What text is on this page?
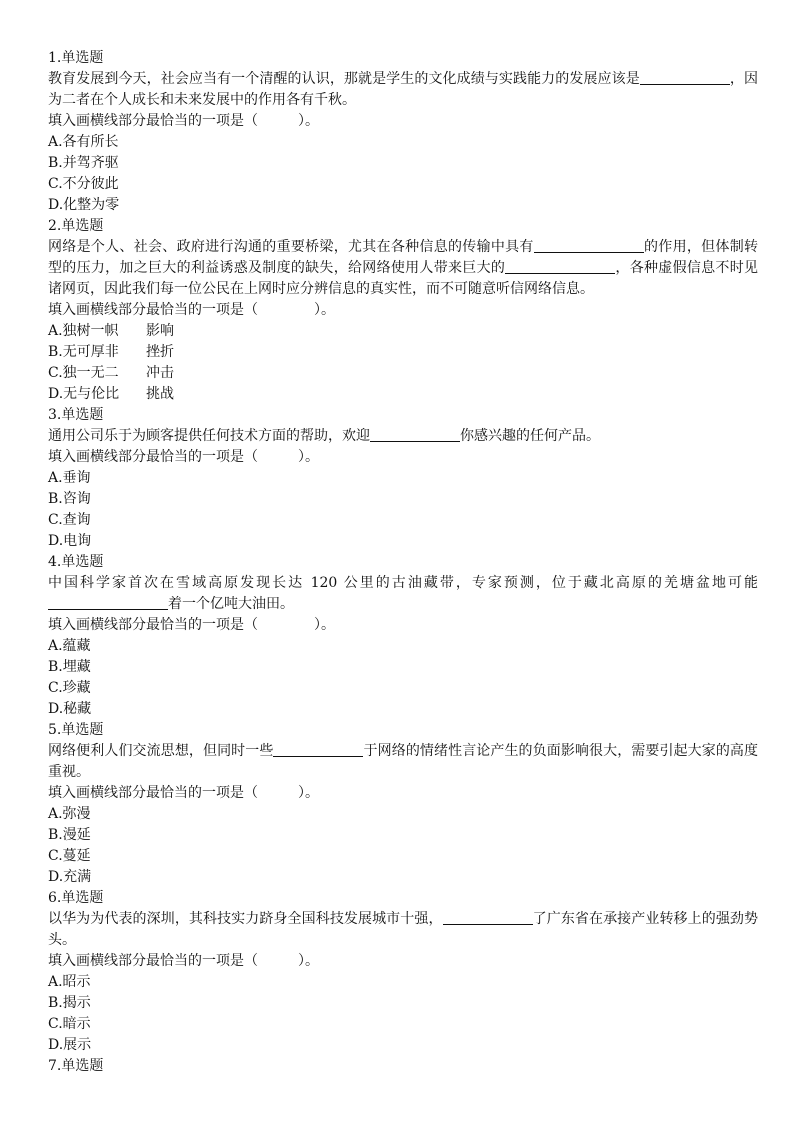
1.单选题
教育发展到今天，社会应当有一个清醒的认识，那就是学生的文化成绩与实践能力的发展应该是	，因为二者在个人成长和未来发展中的作用各有千秋。
填入画横线部分最恰当的一项是（	）。
A.各有所长
B.并驾齐驱
C.不分彼此
D.化整为零
2.单选题
网络是个人、社会、政府进行沟通的重要桥梁，尤其在各种信息的传输中具有	的作用，但体制转型的压力，加之巨大的利益诱惑及制度的缺失，给网络使用人带来巨大的	，各种虚假信息不时见诸网页，因此我们每一位公民在上网时应分辨信息的真实性，而不可随意听信网络信息。
填入画横线部分最恰当的一项是（	）。
A.独树一帜 影响
B.无可厚非 挫折
C.独一无二 冲击
D.无与伦比 挑战
3.单选题
通用公司乐于为顾客提供任何技术方面的帮助，欢迎	你感兴趣的任何产品。
填入画横线部分最恰当的一项是（	）。
A.垂询
B.咨询
C.查询
D.电询
4.单选题
中国科学家首次在雪域高原发现长达 120 公里的古油藏带，专家预测，位于藏北高原的羌塘盆地可能着一个亿吨大油田。
填入画横线部分最恰当的一项是（	）。
A.蕴藏
B.埋藏
C.珍藏
D.秘藏
5.单选题
网络便利人们交流思想，但同时一些	于网络的情绪性言论产生的负面影响很大，需要引起大家的高度重视。
填入画横线部分最恰当的一项是（	）。
A.弥漫
B.漫延
C.蔓延
D.充满
6.单选题
以华为为代表的深圳，其科技实力跻身全国科技发展城市十强，	了广东省在承接产业转移上的强劲势头。
填入画横线部分最恰当的一项是（	）。
A.昭示
B.揭示
C.暗示
D.展示
7.单选题
